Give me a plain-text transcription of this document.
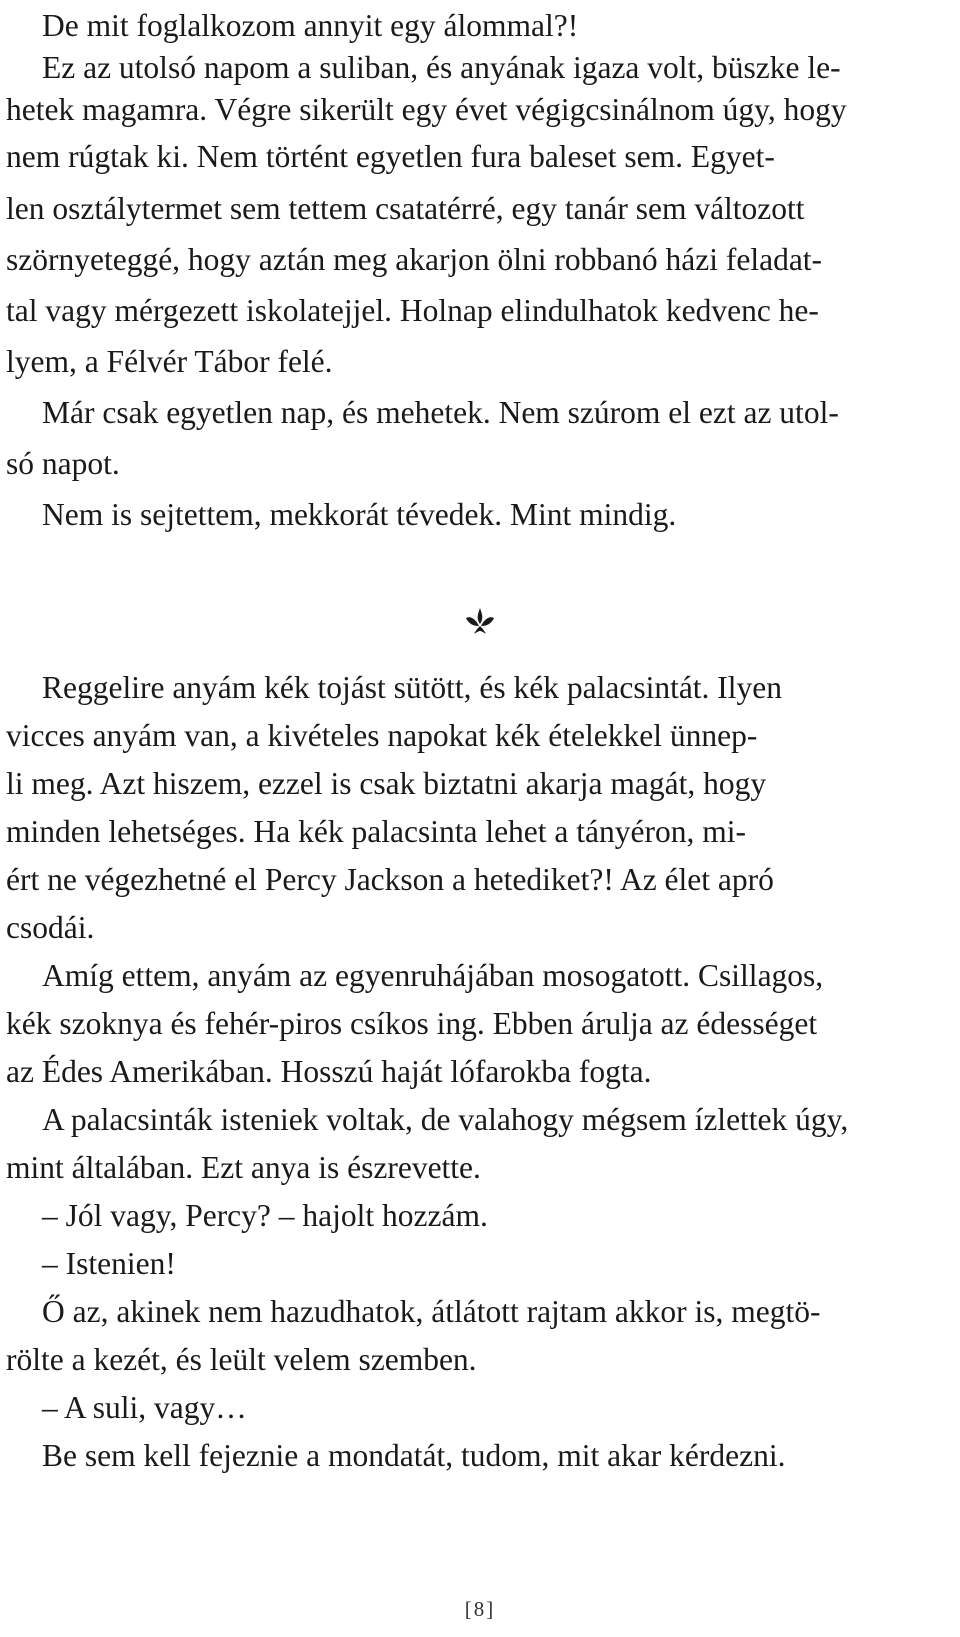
De mit foglalkozom annyit egy álommal?!

Ez az utolsó napom a suliban, és anyának igaza volt, büszke le-

hetek magamra. Végre sikerült egy évet végigcsinálnom úgy, hogy

nem rúgtak ki. Nem történt egyetlen fura baleset sem. Egyet-

len osztálytermet sem tettem csatatérré, egy tanár sem változott

szörnyeteggé, hogy aztán meg akarjon ölni robbanó házi feladat-

tal vagy mérgezett iskolatejjel. Holnap elindulhatok kedvenc he-

lyem, a Félvér Tábor felé.

Már csak egyetlen nap, és mehetek. Nem szúrom el ezt az utol-

só napot.

Nem is sejtettem, mekkorát tévedek. Mint mindig.

Reggelire anyám kék tojást sütött, és kék palacsintát. Ilyen

vicces anyám van, a kivételes napokat kék ételekkel ünnep-

li meg. Azt hiszem, ezzel is csak biztatni akarja magát, hogy

minden lehetséges. Ha kék palacsinta lehet a tányéron, mi-

ért ne végezhetné el Percy Jackson a hetediket?! Az élet apró

csodái.

Amíg ettem, anyám az egyenruhájában mosogatott. Csillagos,

kék szoknya és fehér-piros csíkos ing. Ebben árulja az édességet

az Édes Amerikában. Hosszú haját lófarokba fogta.

A palacsinták isteniek voltak, de valahogy mégsem ízlettek úgy,

mint általában. Ezt anya is észrevette.

– Jól vagy, Percy? – hajolt hozzám.

– Istenien!

Ő az, akinek nem hazudhatok, átlátott rajtam akkor is, megtö-

rölte a kezét, és leült velem szemben.

– A suli, vagy…

Be sem kell fejeznie a mondatát, tudom, mit akar kérdezni.

[8]
